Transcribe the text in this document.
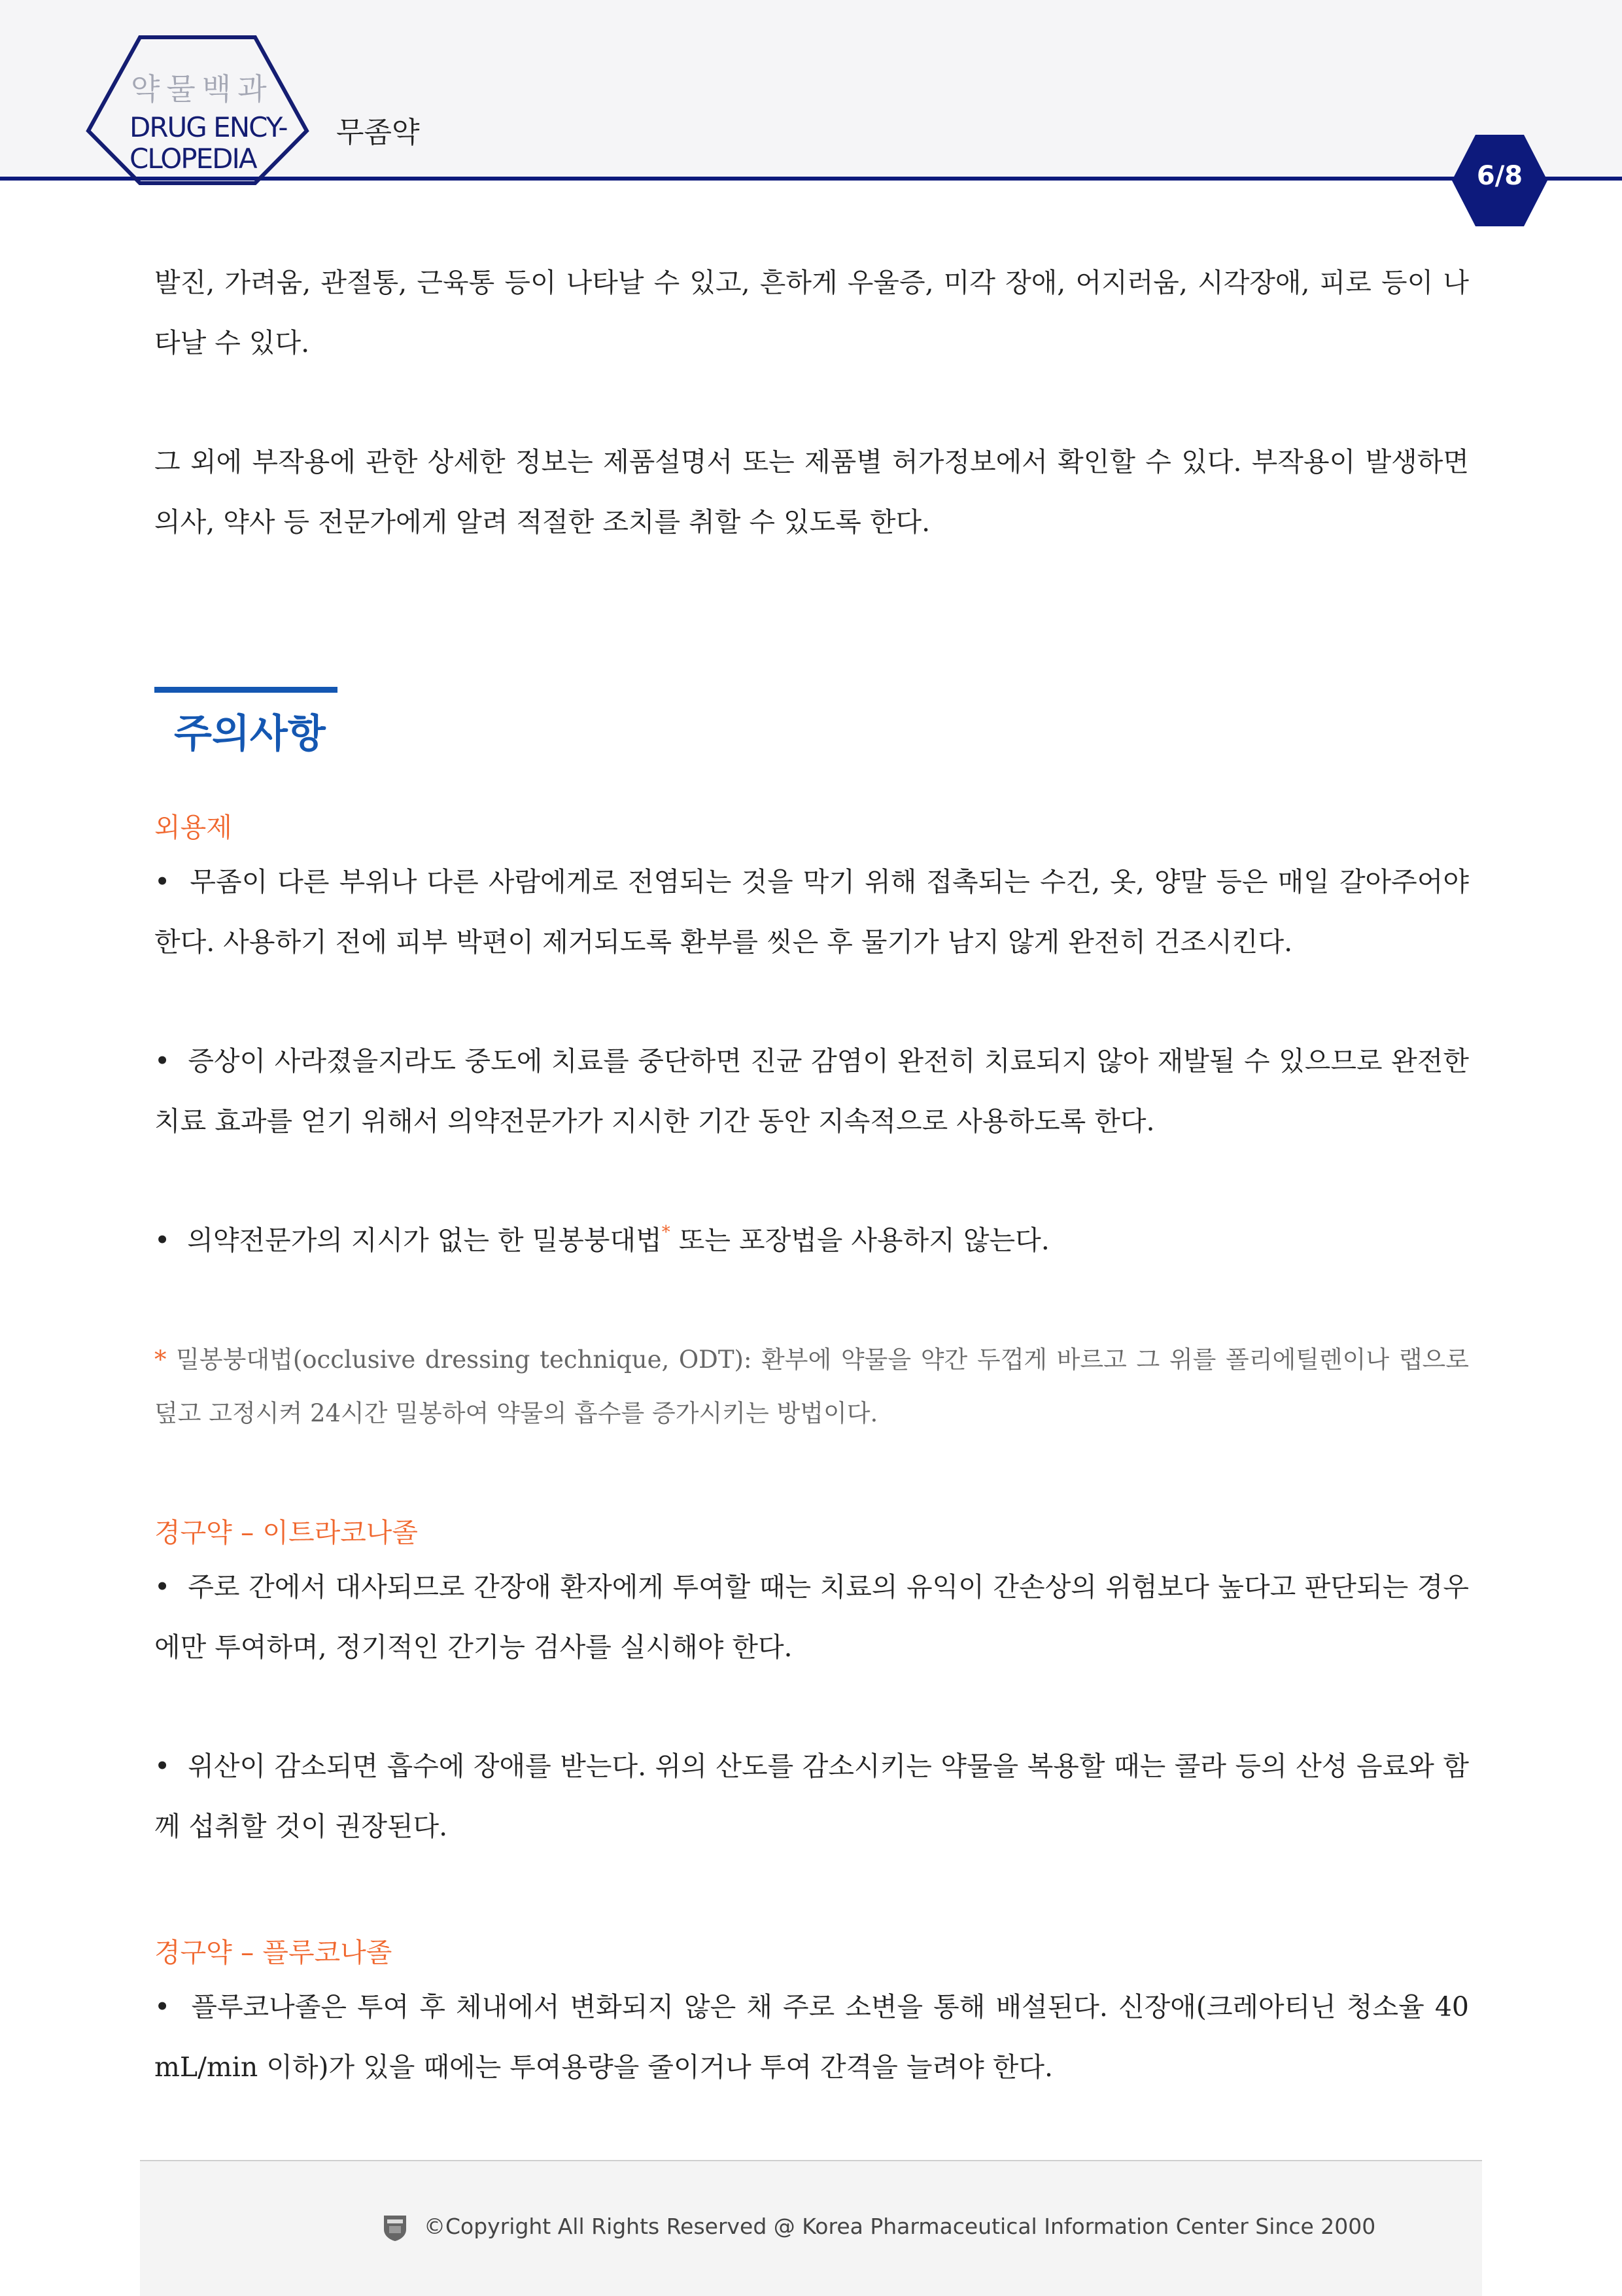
약물백과
DRUG ENCY-
CLOPEDIA
무좀약
6/8

발진, 가려움, 관절통, 근육통 등이 나타날 수 있고, 흔하게 우울증, 미각 장애, 어지러움, 시각장애, 피로 등이 나타날 수 있다.

그 외에 부작용에 관한 상세한 정보는 제품설명서 또는 제품별 허가정보에서 확인할 수 있다. 부작용이 발생하면 의사, 약사 등 전문가에게 알려 적절한 조치를 취할 수 있도록 한다.

주의사항
외용제

• 무좀이 다른 부위나 다른 사람에게로 전염되는 것을 막기 위해 접촉되는 수건, 옷, 양말 등은 매일 갈아주어야 한다. 사용하기 전에 피부 박편이 제거되도록 환부를 씻은 후 물기가 남지 않게 완전히 건조시킨다.

• 증상이 사라졌을지라도 중도에 치료를 중단하면 진균 감염이 완전히 치료되지 않아 재발될 수 있으므로 완전한 치료 효과를 얻기 위해서 의약전문가가 지시한 기간 동안 지속적으로 사용하도록 한다.

• 의약전문가의 지시가 없는 한 밀봉붕대법* 또는 포장법을 사용하지 않는다.

* 밀봉붕대법(occlusive dressing technique, ODT): 환부에 약물을 약간 두껍게 바르고 그 위를 폴리에틸렌이나 랩으로 덮고 고정시켜 24시간 밀봉하여 약물의 흡수를 증가시키는 방법이다.

경구약 – 이트라코나졸

• 주로 간에서 대사되므로 간장애 환자에게 투여할 때는 치료의 유익이 간손상의 위험보다 높다고 판단되는 경우에만 투여하며, 정기적인 간기능 검사를 실시해야 한다.

• 위산이 감소되면 흡수에 장애를 받는다. 위의 산도를 감소시키는 약물을 복용할 때는 콜라 등의 산성 음료와 함께 섭취할 것이 권장된다.

경구약 – 플루코나졸

• 플루코나졸은 투여 후 체내에서 변화되지 않은 채 주로 소변을 통해 배설된다. 신장애(크레아티닌 청소율 40 mL/min 이하)가 있을 때에는 투여용량을 줄이거나 투여 간격을 늘려야 한다.

©Copyright All Rights Reserved @ Korea Pharmaceutical Information Center Since 2000
